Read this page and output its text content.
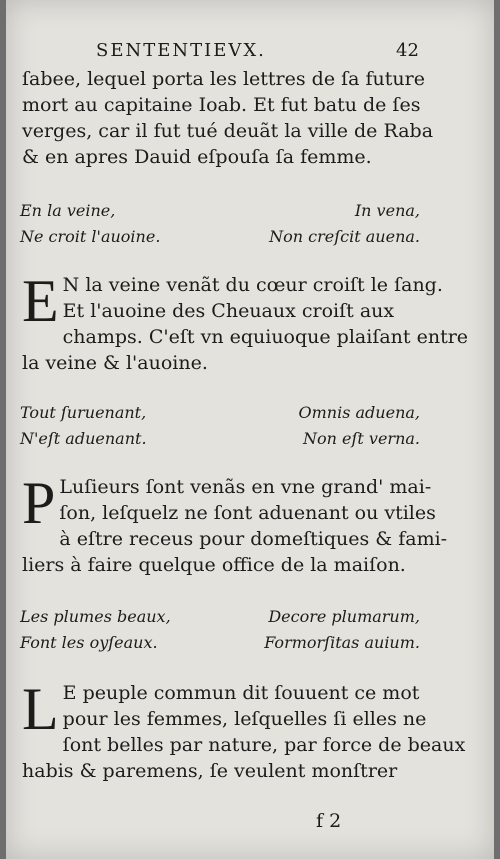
SENTENTIEVX.	42
ſabee, lequel porta les lettres de ſa future
mort au capitaine Ioab. Et fut batu de ſes
verges, car il fut tué deuãt la ville de Raba
& en apres Dauid eſpouſa ſa femme.
En la veine,	In vena,
Ne croit l'auoine.	Non creſcit auena.
E N la veine venãt du cœur croiſt le ſang.
Et l'auoine des Cheuaux croiſt aux
champs. C'eſt vn equiuoque plaiſant entre
la veine & l'auoine.
Tout ſuruenant,	Omnis aduena,
N'eſt aduenant.	Non eſt verna.
P Luſieurs ſont venãs en vne grand' mai-
ſon, leſquelz ne ſont aduenant ou vtiles
à eſtre receus pour domeſtiques & fami-
liers à faire quelque office de la maiſon.
Les plumes beaux,	Decore plumarum,
Font les oyſeaux.	Formorſitas auium.
L E peuple commun dit ſouuent ce mot
pour les femmes, leſquelles ſi elles ne
ſont belles par nature, par force de beaux
habis & paremens, ſe veulent monſtrer
f 2
